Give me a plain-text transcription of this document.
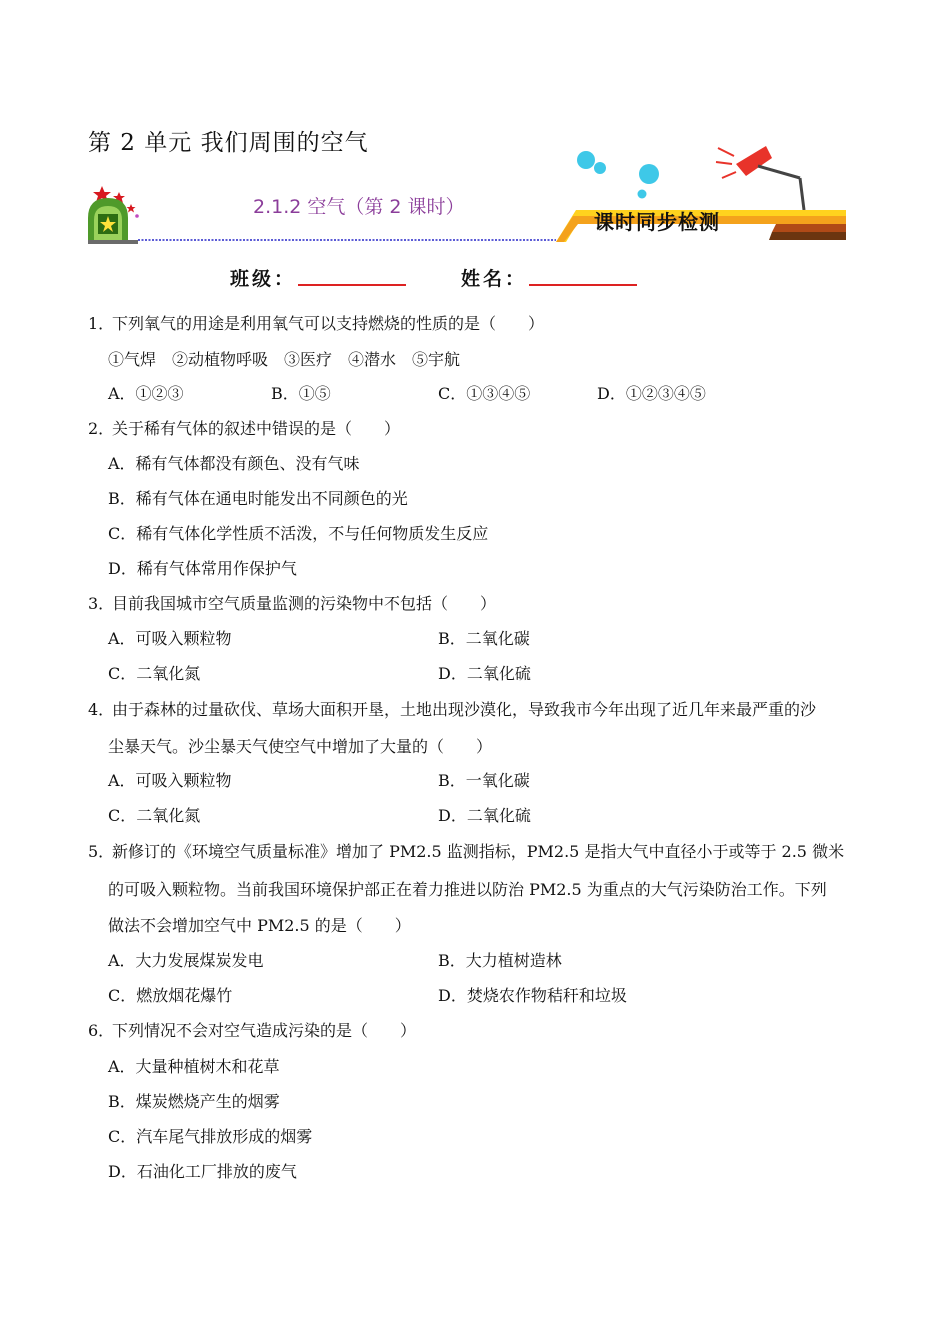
第 2 单元 我们周围的空气
2.1.2 空气（第 2 课时）
课时同步检测
班级：	姓名：
1．
下列氧气的用途是利用氧气可以支持燃烧的性质的是（　　）
①气焊　②动植物呼吸　③医疗　④潜水　⑤宇航
A．①②③	B．①⑤	C．①③④⑤	D．①②③④⑤
2．
关于稀有气体的叙述中错误的是（　　）
A．稀有气体都没有颜色、没有气味
B．稀有气体在通电时能发出不同颜色的光
C．稀有气体化学性质不活泼，不与任何物质发生反应
D．稀有气体常用作保护气
3．
目前我国城市空气质量监测的污染物中不包括（　　）
A．可吸入颗粒物	B．二氧化碳
C．二氧化氮	D．二氧化硫
4．
由于森林的过量砍伐、草场大面积开垦，土地出现沙漠化，导致我市今年出现了近几年来最严重的沙
尘暴天气。沙尘暴天气使空气中增加了大量的（　　）
A．可吸入颗粒物	B．一氧化碳
C．二氧化氮	D．二氧化硫
5．
新修订的《环境空气质量标准》增加了 PM2.5 监测指标，PM2.5 是指大气中直径小于或等于 2.5 微米
的可吸入颗粒物。当前我国环境保护部正在着力推进以防治 PM2.5 为重点的大气污染防治工作。下列
做法不会增加空气中 PM2.5 的是（　　）
A．大力发展煤炭发电	B．大力植树造林
C．燃放烟花爆竹	D．焚烧农作物秸秆和垃圾
6．
下列情况不会对空气造成污染的是（　　）
A．大量种植树木和花草
B．煤炭燃烧产生的烟雾
C．汽车尾气排放形成的烟雾
D．石油化工厂排放的废气
